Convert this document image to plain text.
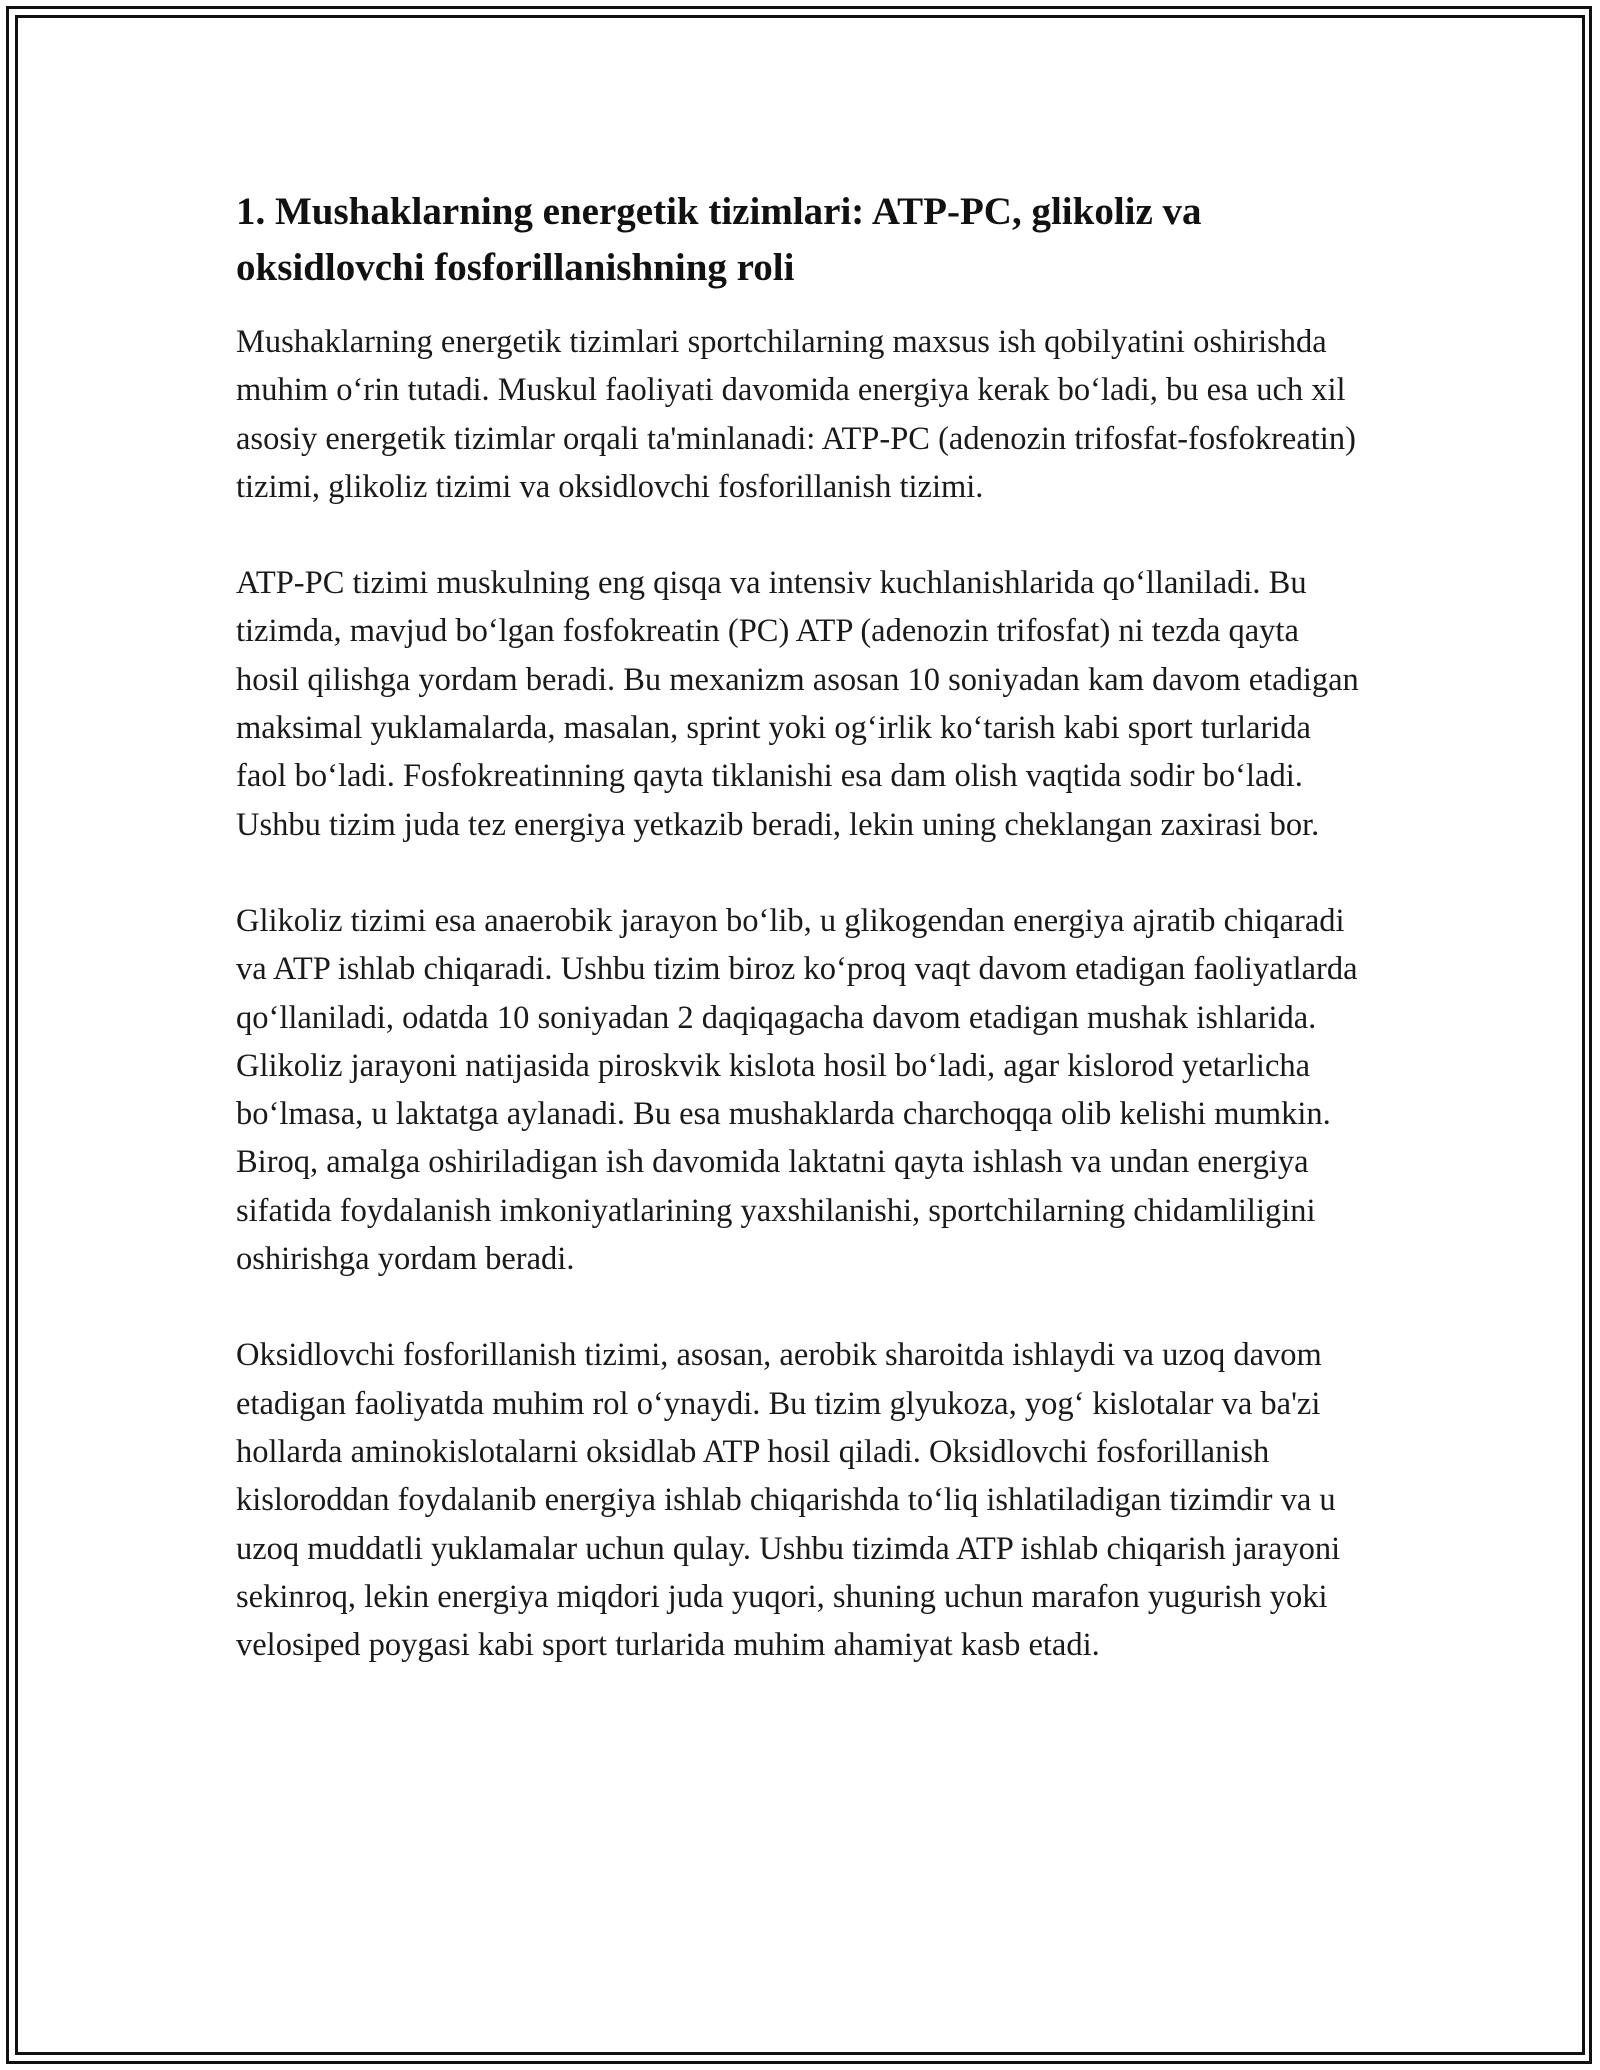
1. Mushaklarning energetik tizimlari: ATP-PC, glikoliz va oksidlovchi fosforillanishning roli

Mushaklarning energetik tizimlari sportchilarning maxsus ish qobilyatini oshirishda muhim o‘rin tutadi. Muskul faoliyati davomida energiya kerak bo‘ladi, bu esa uch xil asosiy energetik tizimlar orqali ta'minlanadi: ATP-PC (adenozin trifosfat-fosfokreatin) tizimi, glikoliz tizimi va oksidlovchi fosforillanish tizimi.

ATP-PC tizimi muskulning eng qisqa va intensiv kuchlanishlarida qo‘llaniladi. Bu tizimda, mavjud bo‘lgan fosfokreatin (PC) ATP (adenozin trifosfat) ni tezda qayta hosil qilishga yordam beradi. Bu mexanizm asosan 10 soniyadan kam davom etadigan maksimal yuklamalarda, masalan, sprint yoki og‘irlik ko‘tarish kabi sport turlarida faol bo‘ladi. Fosfokreatinning qayta tiklanishi esa dam olish vaqtida sodir bo‘ladi. Ushbu tizim juda tez energiya yetkazib beradi, lekin uning cheklangan zaxirasi bor.

Glikoliz tizimi esa anaerobik jarayon bo‘lib, u glikogendan energiya ajratib chiqaradi va ATP ishlab chiqaradi. Ushbu tizim biroz ko‘proq vaqt davom etadigan faoliyatlarda qo‘llaniladi, odatda 10 soniyadan 2 daqiqagacha davom etadigan mushak ishlarida. Glikoliz jarayoni natijasida piroskvik kislota hosil bo‘ladi, agar kislorod yetarlicha bo‘lmasa, u laktatga aylanadi. Bu esa mushaklarda charchoqqa olib kelishi mumkin. Biroq, amalga oshiriladigan ish davomida laktatni qayta ishlash va undan energiya sifatida foydalanish imkoniyatlarining yaxshilanishi, sportchilarning chidamliligini oshirishga yordam beradi.

Oksidlovchi fosforillanish tizimi, asosan, aerobik sharoitda ishlaydi va uzoq davom etadigan faoliyatda muhim rol o‘ynaydi. Bu tizim glyukoza, yog‘ kislotalar va ba'zi hollarda aminokislotalarni oksidlab ATP hosil qiladi. Oksidlovchi fosforillanish kisloroddan foydalanib energiya ishlab chiqarishda to‘liq ishlatiladigan tizimdir va u uzoq muddatli yuklamalar uchun qulay. Ushbu tizimda ATP ishlab chiqarish jarayoni sekinroq, lekin energiya miqdori juda yuqori, shuning uchun marafon yugurish yoki velosiped poygasi kabi sport turlarida muhim ahamiyat kasb etadi.
